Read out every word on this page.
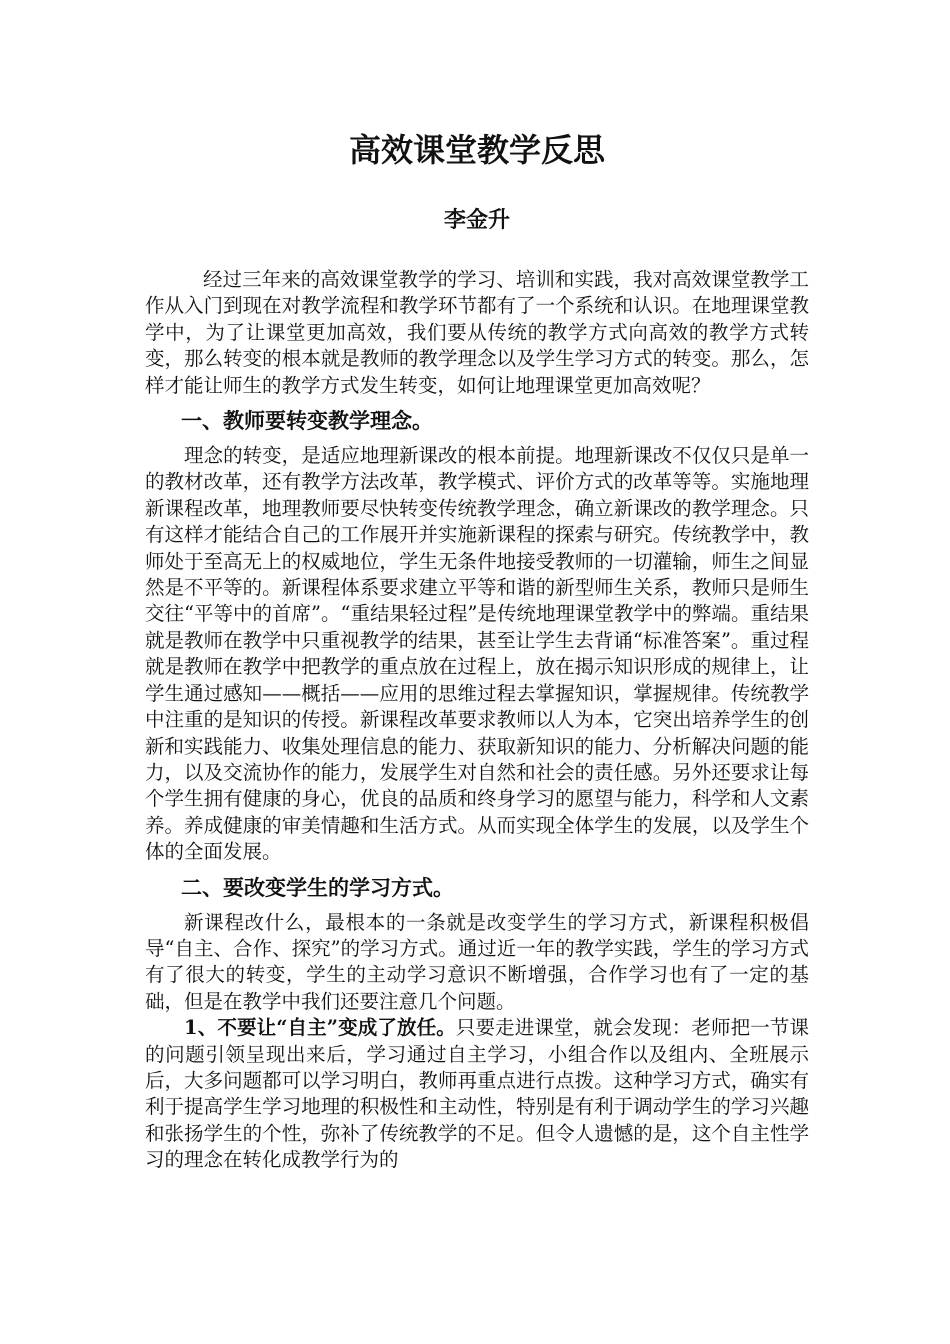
高效课堂教学反思
李金升

经过三年来的高效课堂教学的学习、培训和实践，我对高效课堂教学工作从入门到现在对教学流程和教学环节都有了一个系统和认识。在地理课堂教学中，为了让课堂更加高效，我们要从传统的教学方式向高效的教学方式转变，那么转变的根本就是教师的教学理念以及学生学习方式的转变。那么，怎样才能让师生的教学方式发生转变，如何让地理课堂更加高效呢？

一、教师要转变教学理念。

理念的转变，是适应地理新课改的根本前提。地理新课改不仅仅只是单一的教材改革，还有教学方法改革，教学模式、评价方式的改革等等。实施地理新课程改革，地理教师要尽快转变传统教学理念，确立新课改的教学理念。只有这样才能结合自己的工作展开并实施新课程的探索与研究。传统教学中，教师处于至高无上的权威地位，学生无条件地接受教师的一切灌输，师生之间显然是不平等的。新课程体系要求建立平等和谐的新型师生关系，教师只是师生交往“平等中的首席”。“重结果轻过程”是传统地理课堂教学中的弊端。重结果就是教师在教学中只重视教学的结果，甚至让学生去背诵“标准答案”。重过程就是教师在教学中把教学的重点放在过程上，放在揭示知识形成的规律上，让学生通过感知——概括——应用的思维过程去掌握知识，掌握规律。传统教学中注重的是知识的传授。新课程改革要求教师以人为本，它突出培养学生的创新和实践能力、收集处理信息的能力、获取新知识的能力、分析解决问题的能力，以及交流协作的能力，发展学生对自然和社会的责任感。另外还要求让每个学生拥有健康的身心，优良的品质和终身学习的愿望与能力，科学和人文素养。养成健康的审美情趣和生活方式。从而实现全体学生的发展，以及学生个体的全面发展。

二、要改变学生的学习方式。

新课程改什么，最根本的一条就是改变学生的学习方式，新课程积极倡导“自主、合作、探究”的学习方式。通过近一年的教学实践，学生的学习方式有了很大的转变，学生的主动学习意识不断增强，合作学习也有了一定的基础，但是在教学中我们还要注意几个问题。

1、不要让“自主”变成了放任。只要走进课堂，就会发现：老师把一节课的问题引领呈现出来后，学习通过自主学习，小组合作以及组内、全班展示后，大多问题都可以学习明白，教师再重点进行点拨。这种学习方式，确实有利于提高学生学习地理的积极性和主动性，特别是有利于调动学生的学习兴趣和张扬学生的个性，弥补了传统教学的不足。但令人遗憾的是，这个自主性学习的理念在转化成教学行为的
